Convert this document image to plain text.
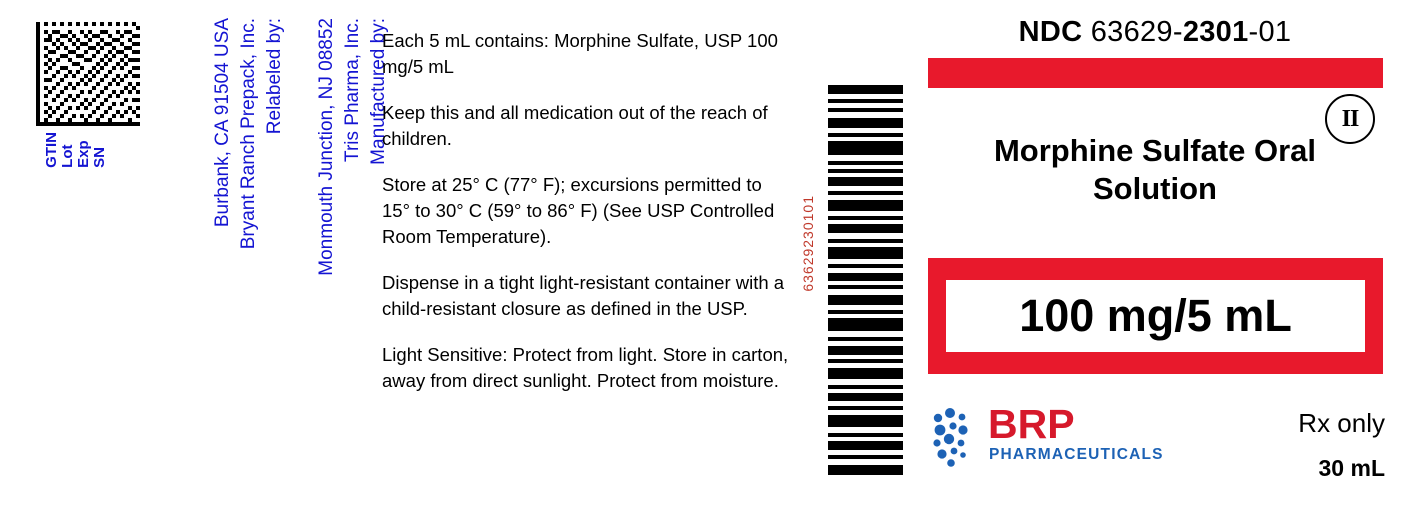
GTIN Lot Exp SN

	Burbank, CA 91504 USA

Bryant Ranch Prepack, Inc.

Relabeled by:

Monmouth Junction, NJ 08852

Tris Pharma, Inc.

Manufactured by:

Each 5 mL contains: Morphine Sulfate, USP 100 mg/5 mL

Keep this and all medication out of the reach of children.

Store at 25° C (77° F); excursions permitted to 15° to 30° C (59° to 86° F) (See USP Controlled Room Temperature).

Dispense in a tight light-resistant container with a child-resistant closure as defined in the USP.

Light Sensitive: Protect from light. Store in carton, away from direct sunlight. Protect from moisture.

63629230101
NDC 63629-2301-01
II
Morphine Sulfate Oral Solution
100 mg/5 mL
BRP
PHARMACEUTICALS
Rx only
30 mL
